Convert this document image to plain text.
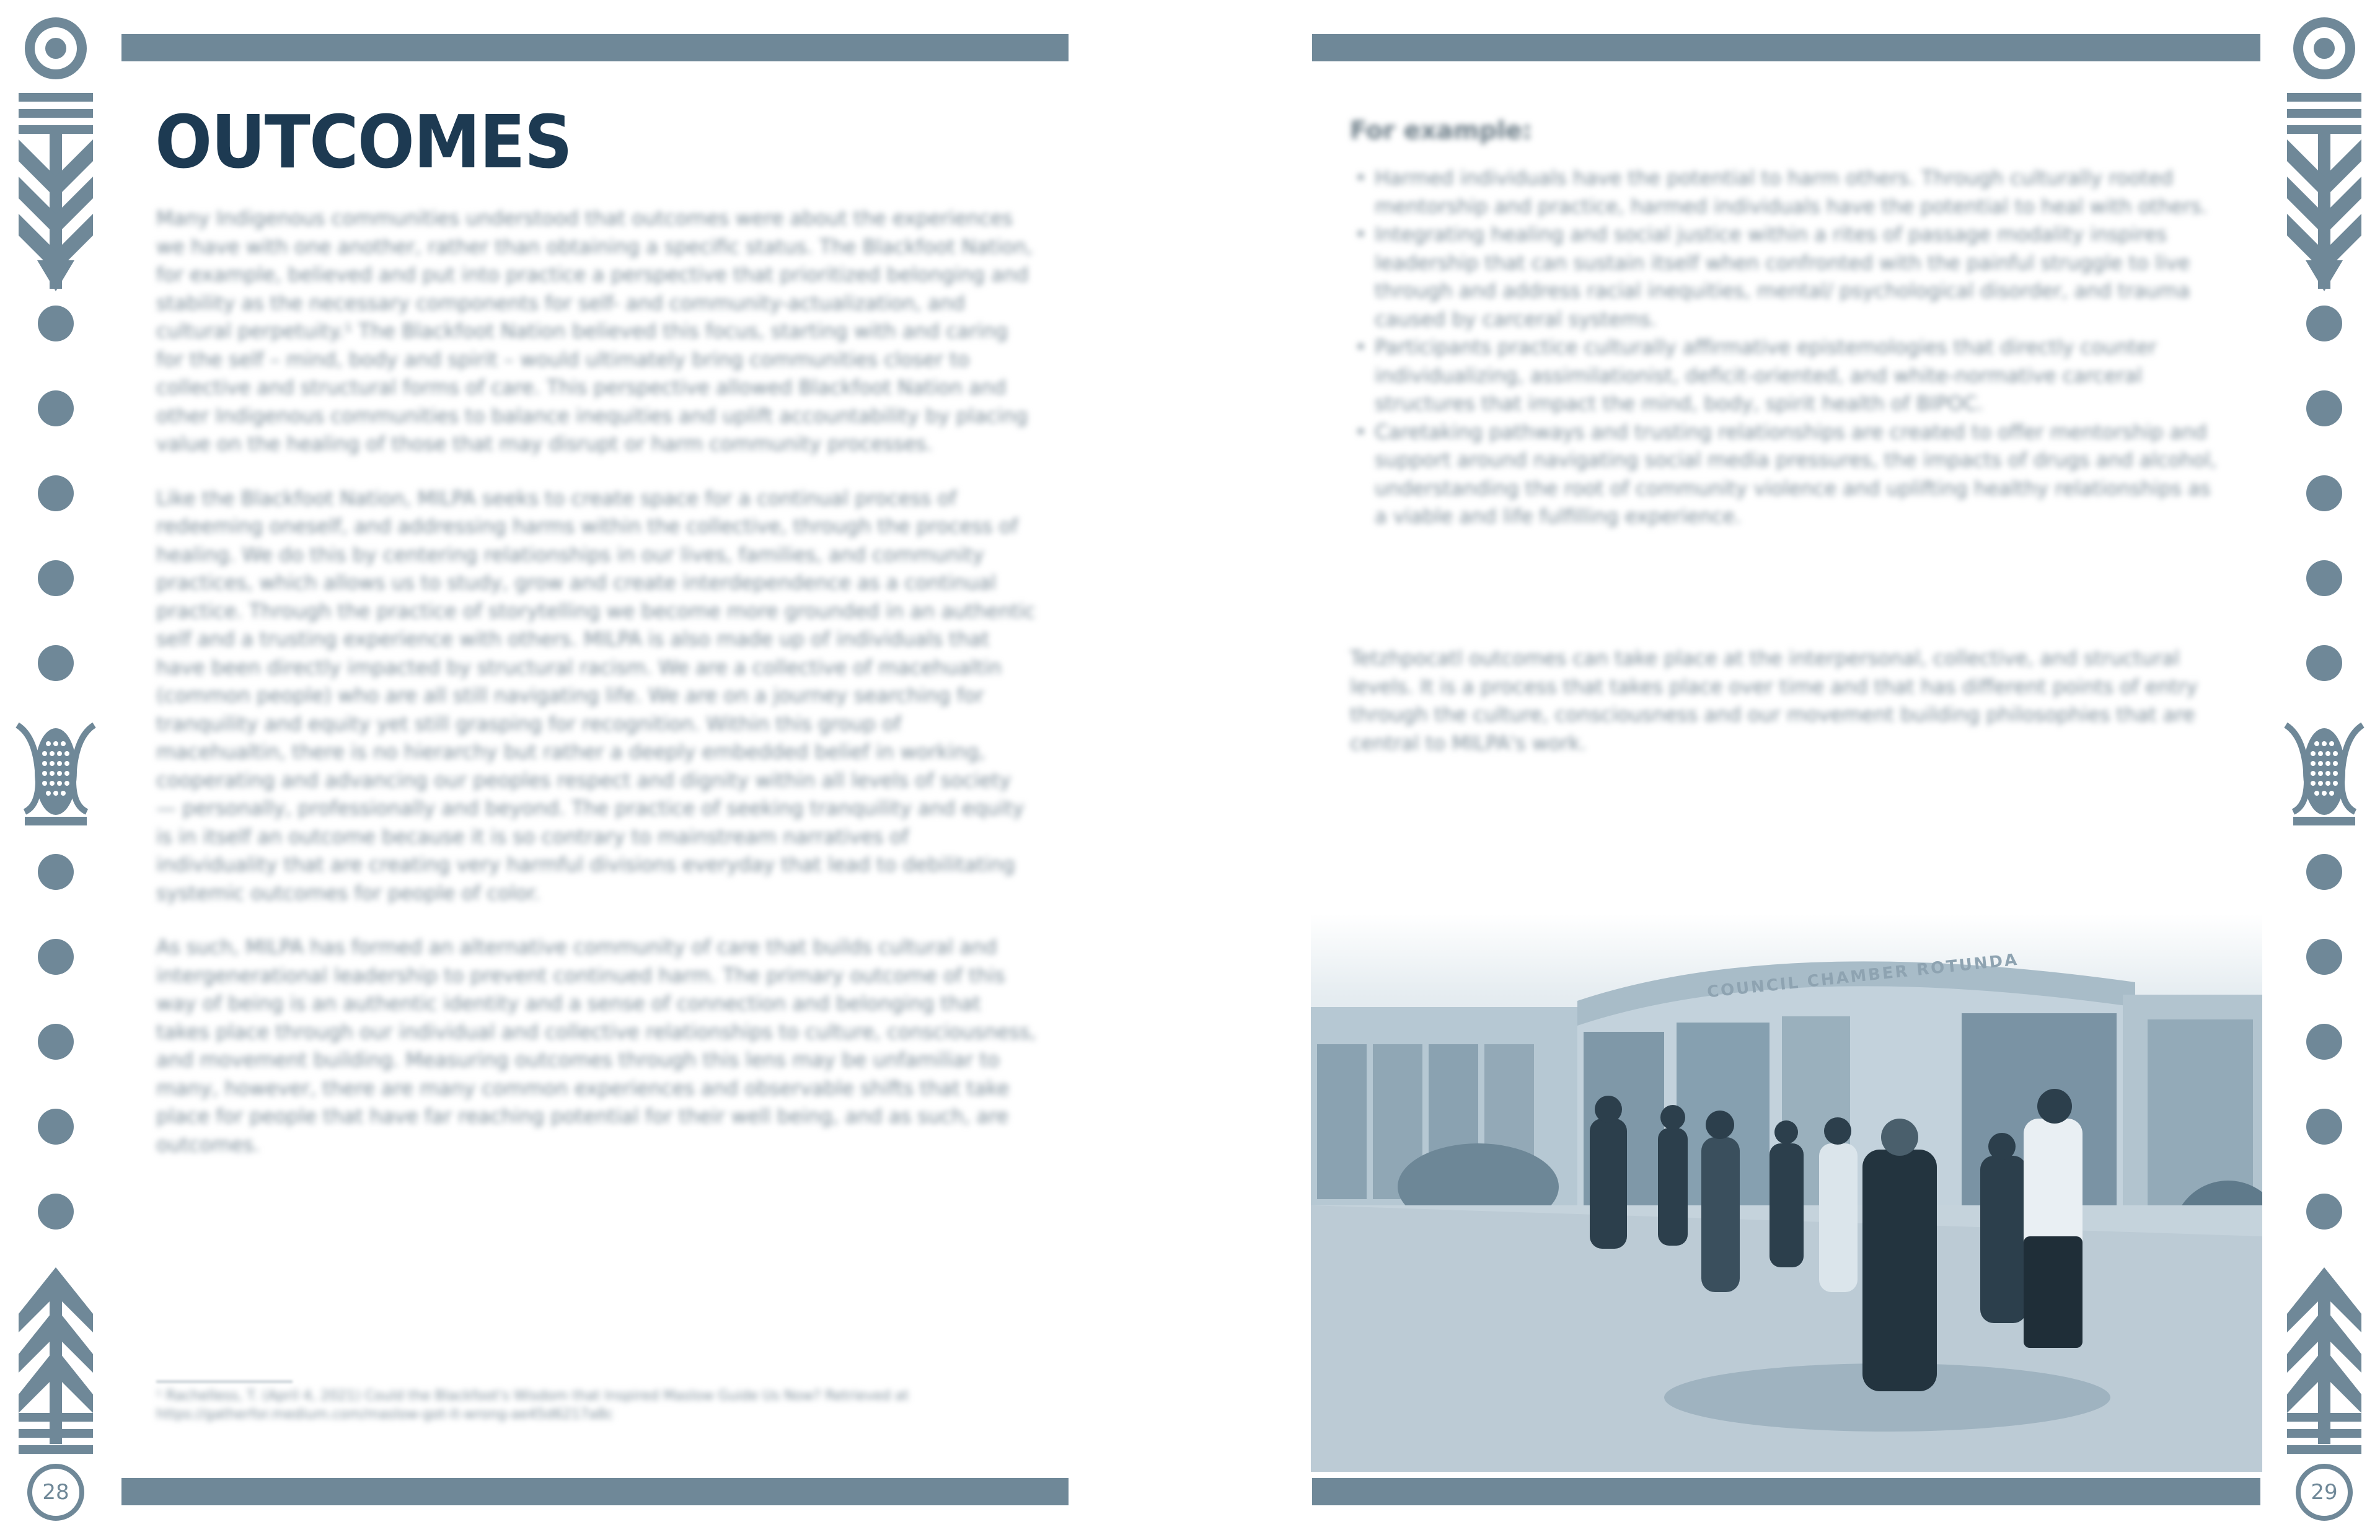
28	29
OUTCOMES

Many Indigenous communities understood that outcomes were about the experiences we have with one another, rather than obtaining a specific status. The Blackfoot Nation, for example, believed and put into practice a perspective that prioritized belonging and stability as the necessary components for self- and community-actualization, and cultural perpetuity.¹ The Blackfoot Nation believed this focus, starting with and caring for the self – mind, body and spirit – would ultimately bring communities closer to collective and structural forms of care. This perspective allowed Blackfoot Nation and other Indigenous communities to balance inequities and uplift accountability by placing value on the healing of those that may disrupt or harm community processes.

Like the Blackfoot Nation, MILPA seeks to create space for a continual process of redeeming oneself, and addressing harms within the collective, through the process of healing. We do this by centering relationships in our lives, families, and community practices, which allows us to study, grow and create interdependence as a continual practice. Through the practice of storytelling we become more grounded in an authentic self and a trusting experience with others. MILPA is also made up of individuals that have been directly impacted by structural racism. We are a collective of macehualtin (common people) who are all still navigating life. We are on a journey searching for tranquility and equity yet still grasping for recognition. Within this group of macehualtin, there is no hierarchy but rather a deeply embedded belief in working, cooperating and advancing our peoples respect and dignity within all levels of society — personally, professionally and beyond. The practice of seeking tranquility and equity is in itself an outcome because it is so contrary to mainstream narratives of individuality that are creating very harmful divisions everyday that lead to debilitating systemic outcomes for people of color.

As such, MILPA has formed an alternative community of care that builds cultural and intergenerational leadership to prevent continued harm. The primary outcome of this way of being is an authentic identity and a sense of connection and belonging that takes place through our individual and collective relationships to culture, consciousness, and movement building. Measuring outcomes through this lens may be unfamiliar to many, however, there are many common experiences and observable shifts that take place for people that have far reaching potential for their well being, and as such, are outcomes.

¹ Rachelless, T. (April 4, 2021) Could the Blackfoot's Wisdom that Inspired Maslow Guide Us Now? Retrieved at https://gatherfor.medium.com/maslow-got-it-wrong-ae45d6217a8c
For example:
• Harmed individuals have the potential to harm others. Through culturally rooted mentorship and practice, harmed individuals have the potential to heal with others.
• Integrating healing and social justice within a rites of passage modality inspires leadership that can sustain itself when confronted with the painful struggle to live through and address racial inequities, mental/ psychological disorder, and trauma caused by carceral systems.
• Participants practice culturally affirmative epistemologies that directly counter individualizing, assimilationist, deficit-oriented, and white-normative carceral structures that impact the mind, body, spirit health of BIPOC.
• Caretaking pathways and trusting relationships are created to offer mentorship and support around navigating social media pressures, the impacts of drugs and alcohol, understanding the root of community violence and uplifting healthy relationships as a viable and life fulfilling experience.
Tetzhpocatl outcomes can take place at the interpersonal, collective, and structural levels. It is a process that takes place over time and that has different points of entry through the culture, consciousness and our movement building philosophies that are central to MILPA's work.
COUNCIL CHAMBER ROTUNDA
